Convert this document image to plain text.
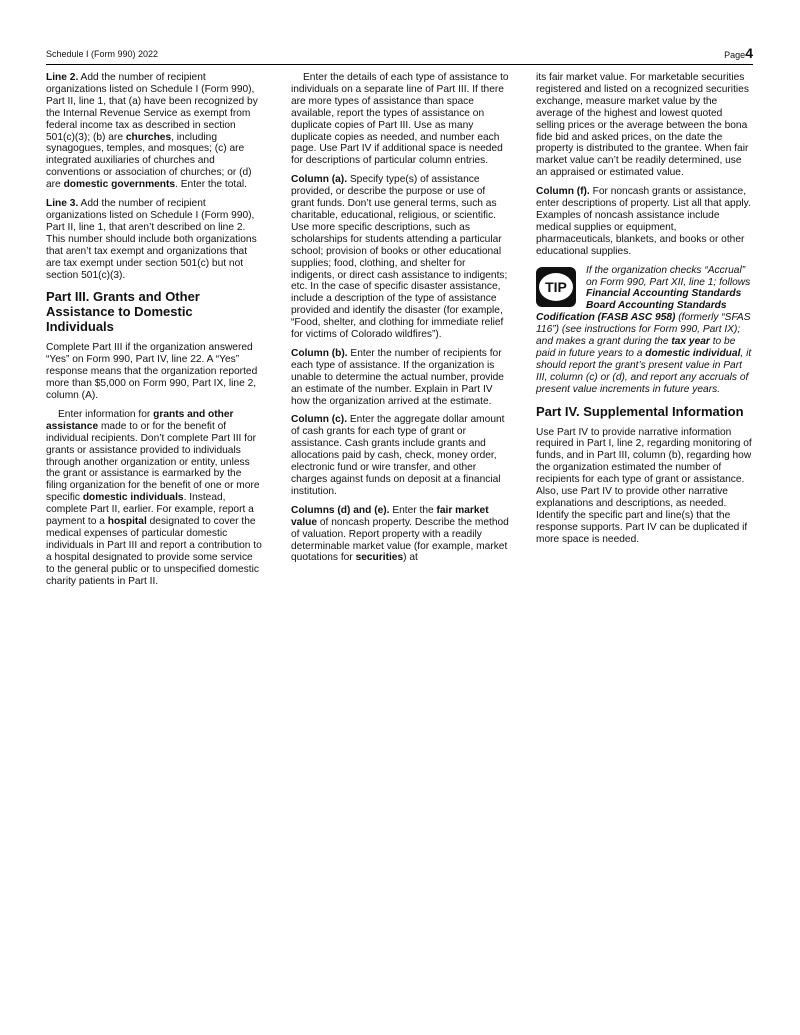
Schedule I (Form 990) 2022	Page4

Line 2. Add the number of recipient organizations listed on Schedule I (Form 990), Part II, line 1, that (a) have been recognized by the Internal Revenue Service as exempt from federal income tax as described in section 501(c)(3); (b) are churches, including synagogues, temples, and mosques; (c) are integrated auxiliaries of churches and conventions or association of churches; or (d) are domestic governments. Enter the total.

Line 3. Add the number of recipient organizations listed on Schedule I (Form 990), Part II, line 1, that aren’t described on line 2. This number should include both organizations that aren’t tax exempt and organizations that are tax exempt under section 501(c) but not section 501(c)(3).

Part III. Grants and Other Assistance to Domestic Individuals

Complete Part III if the organization answered “Yes” on Form 990, Part IV, line 22. A “Yes” response means that the organization reported more than $5,000 on Form 990, Part IX, line 2, column (A).

Enter information for grants and other assistance made to or for the benefit of individual recipients. Don’t complete Part III for grants or assistance provided to individuals through another organization or entity, unless the grant or assistance is earmarked by the filing organization for the benefit of one or more specific domestic individuals. Instead, complete Part II, earlier. For example, report a payment to a hospital designated to cover the medical expenses of particular domestic individuals in Part III and report a contribution to a hospital designated to provide some service to the general public or to unspecified domestic charity patients in Part II.

Enter the details of each type of assistance to individuals on a separate line of Part III. If there are more types of assistance than space available, report the types of assistance on duplicate copies of Part III. Use as many duplicate copies as needed, and number each page. Use Part IV if additional space is needed for descriptions of particular column entries.

Column (a). Specify type(s) of assistance provided, or describe the purpose or use of grant funds. Don’t use general terms, such as charitable, educational, religious, or scientific. Use more specific descriptions, such as scholarships for students attending a particular school; provision of books or other educational supplies; food, clothing, and shelter for indigents, or direct cash assistance to indigents; etc. In the case of specific disaster assistance, include a description of the type of assistance provided and identify the disaster (for example, “Food, shelter, and clothing for immediate relief for victims of Colorado wildfires”).

Column (b). Enter the number of recipients for each type of assistance. If the organization is unable to determine the actual number, provide an estimate of the number. Explain in Part IV how the organization arrived at the estimate.

Column (c). Enter the aggregate dollar amount of cash grants for each type of grant or assistance. Cash grants include grants and allocations paid by cash, check, money order, electronic fund or wire transfer, and other charges against funds on deposit at a financial institution.

Columns (d) and (e). Enter the fair market value of noncash property. Describe the method of valuation. Report property with a readily determinable market value (for example, market quotations for securities) at

its fair market value. For marketable securities registered and listed on a recognized securities exchange, measure market value by the average of the highest and lowest quoted selling prices or the average between the bona fide bid and asked prices, on the date the property is distributed to the grantee. When fair market value can’t be readily determined, use an appraised or estimated value.

Column (f). For noncash grants or assistance, enter descriptions of property. List all that apply. Examples of noncash assistance include medical supplies or equipment, pharmaceuticals, blankets, and books or other educational supplies.

TIP

If the organization checks “Accrual” on Form 990, Part XII, line 1; follows Financial Accounting Standards Board Accounting Standards Codification (FASB ASC 958) (formerly “SFAS 116”) (see instructions for Form 990, Part IX); and makes a grant during the tax year to be paid in future years to a domestic individual, it should report the grant’s present value in Part III, column (c) or (d), and report any accruals of present value increments in future years.

Part IV. Supplemental Information

Use Part IV to provide narrative information required in Part I, line 2, regarding monitoring of funds, and in Part III, column (b), regarding how the organization estimated the number of recipients for each type of grant or assistance. Also, use Part IV to provide other narrative explanations and descriptions, as needed. Identify the specific part and line(s) that the response supports. Part IV can be duplicated if more space is needed.
